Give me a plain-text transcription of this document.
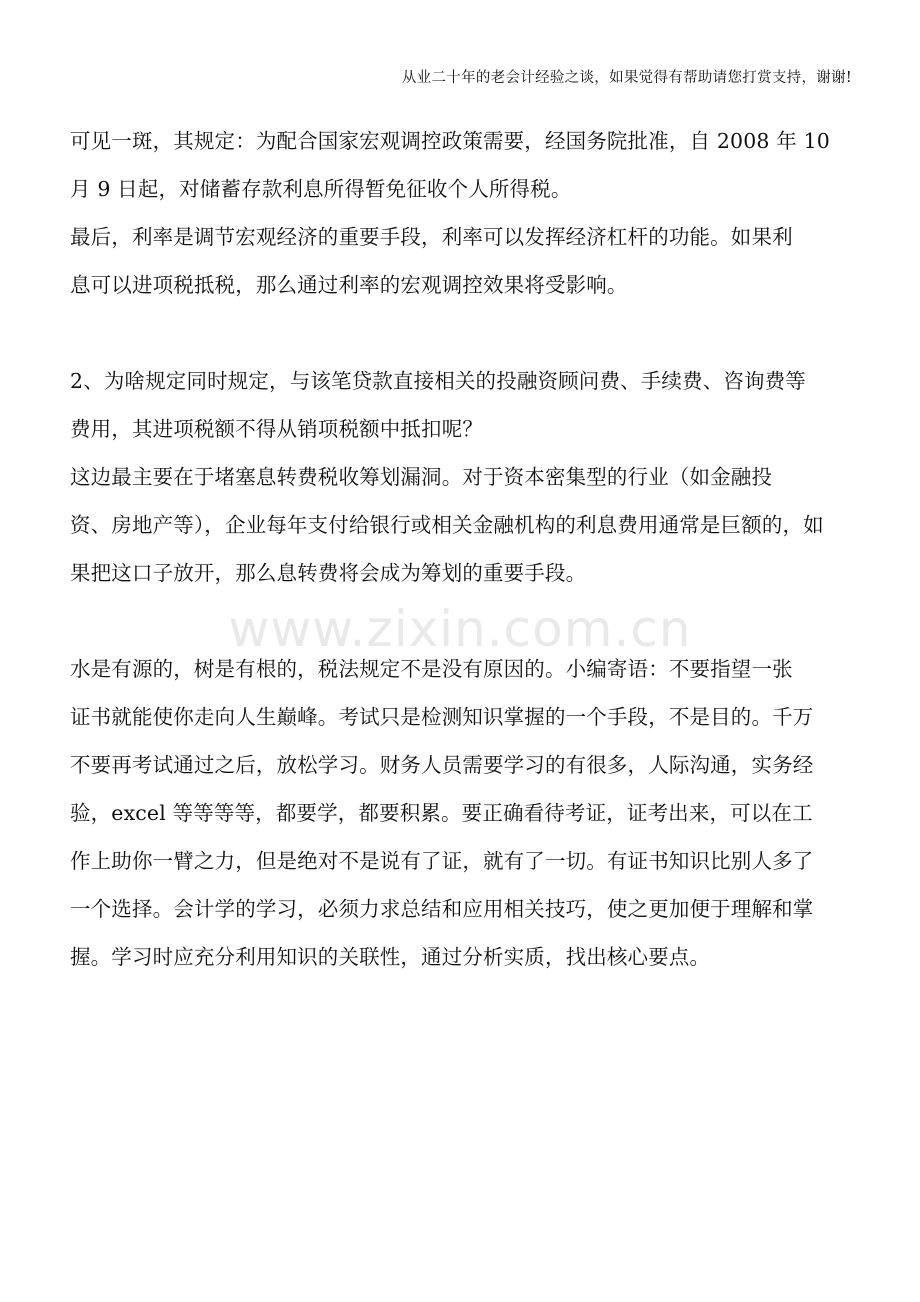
从业二十年的老会计经验之谈，如果觉得有帮助请您打赏支持，谢谢!
www.zixin.com.cn
可见一斑，其规定：为配合国家宏观调控政策需要，经国务院批准，自 2008 年 10
月 9 日起，对储蓄存款利息所得暂免征收个人所得税。
最后，利率是调节宏观经济的重要手段，利率可以发挥经济杠杆的功能。如果利
息可以进项税抵税，那么通过利率的宏观调控效果将受影响。
2、为啥规定同时规定，与该笔贷款直接相关的投融资顾问费、手续费、咨询费等
费用，其进项税额不得从销项税额中抵扣呢？
这边最主要在于堵塞息转费税收筹划漏洞。对于资本密集型的行业（如金融投
资、房地产等），企业每年支付给银行或相关金融机构的利息费用通常是巨额的，如
果把这口子放开，那么息转费将会成为筹划的重要手段。
水是有源的，树是有根的，税法规定不是没有原因的。小编寄语：不要指望一张
证书就能使你走向人生巅峰。考试只是检测知识掌握的一个手段，不是目的。千万
不要再考试通过之后，放松学习。财务人员需要学习的有很多，人际沟通，实务经
验，excel 等等等等，都要学，都要积累。要正确看待考证，证考出来，可以在工
作上助你一臂之力，但是绝对不是说有了证，就有了一切。有证书知识比别人多了
一个选择。会计学的学习，必须力求总结和应用相关技巧，使之更加便于理解和掌
握。学习时应充分利用知识的关联性，通过分析实质，找出核心要点。
